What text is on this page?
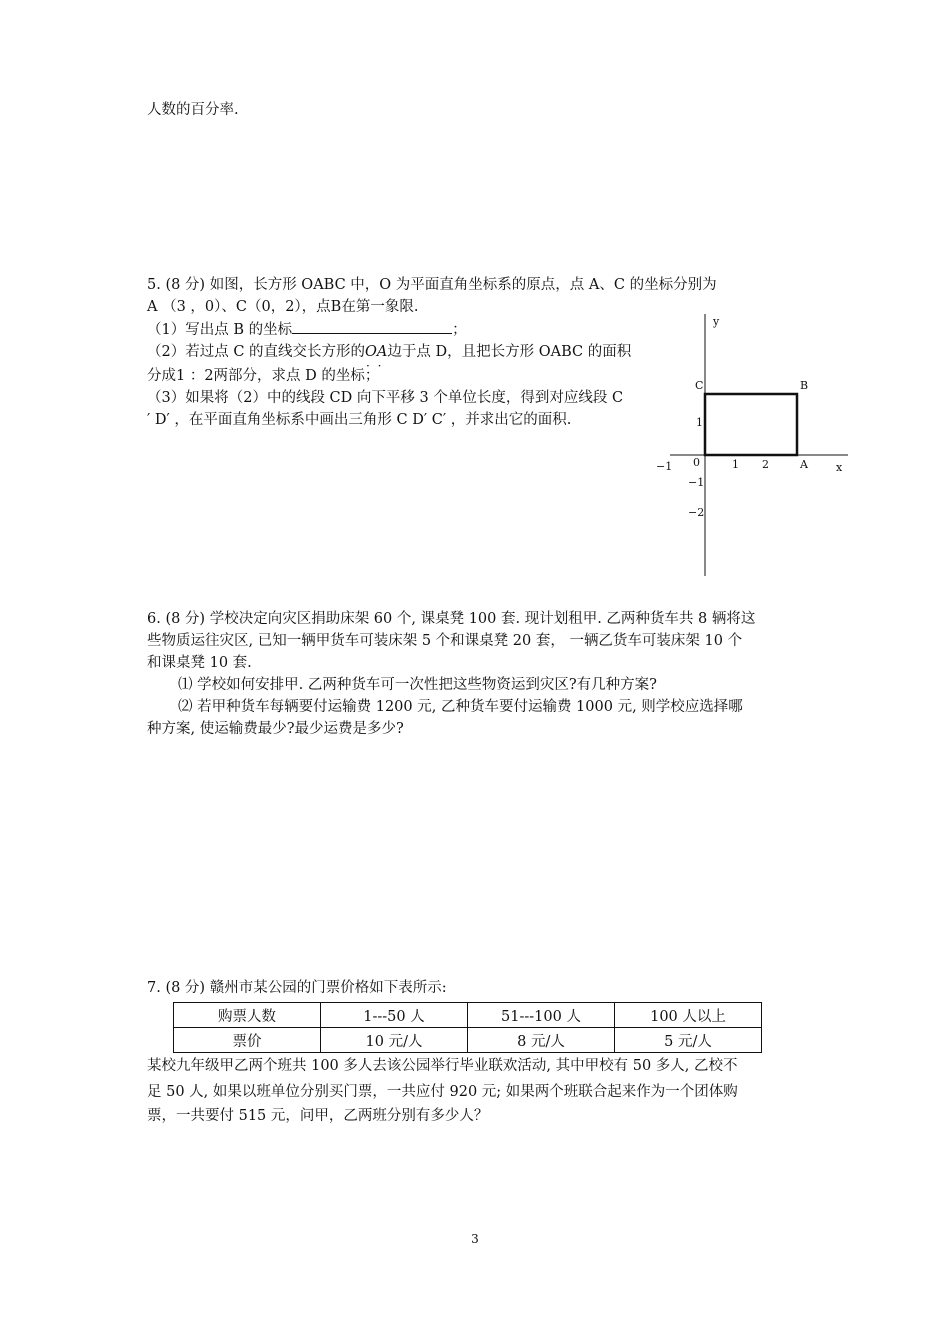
人数的百分率.
5. (8 分) 如图，长方形 OABC 中，O 为平面直角坐标系的原点，点 A、C 的坐标分别为
A （3 ，0）、C（0，2），点B在第一象限.
（1）写出点 B 的坐标	；
（2）若过点 C 的直线交长方形的OA · ·边于点 D，且把长方形 OABC 的面积
分成1 ：2两部分，求点 D 的坐标；
（3）如果将（2）中的线段 CD 向下平移 3 个单位长度，得到对应线段 C
′ D′ ，在平面直角坐标系中画出三角形 C D′ C′ ，并求出它的面积.
y
x
C	B
A
0
−1	1 2
1
−1
−2
6. (8 分) 学校决定向灾区捐助床架 60 个, 课桌凳 100 套. 现计划租甲. 乙两种货车共 8 辆将这
些物质运往灾区, 已知一辆甲货车可装床架 5 个和课桌凳 20 套， 一辆乙货车可装床架 10 个
和课桌凳 10 套.
⑴ 学校如何安排甲. 乙两种货车可一次性把这些物资运到灾区?有几种方案?
⑵ 若甲种货车每辆要付运输费 1200 元, 乙种货车要付运输费 1000 元, 则学校应选择哪
种方案, 使运输费最少?最少运费是多少?
7. (8 分) 赣州市某公园的门票价格如下表所示:
购票人数	1---50 人	51---100 人	100 人以上
票价	10 元/人	8 元/人	5 元/人
某校九年级甲乙两个班共 100 多人去该公园举行毕业联欢活动, 其中甲校有 50 多人, 乙校不
足 50 人, 如果以班单位分别买门票，一共应付 920 元; 如果两个班联合起来作为一个团体购
票，一共要付 515 元，问甲，乙两班分别有多少人？
3
